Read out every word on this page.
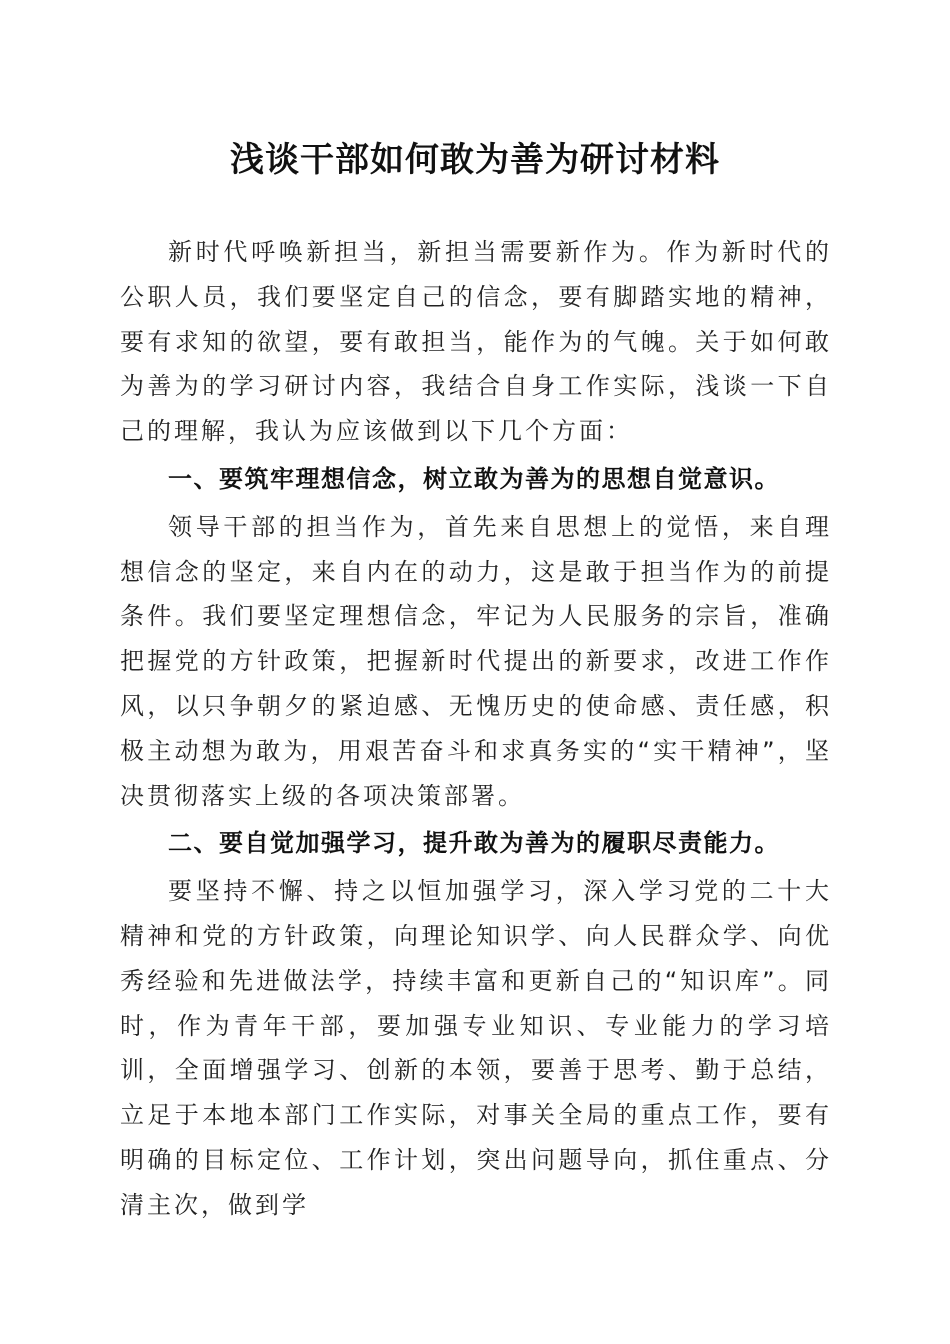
浅谈干部如何敢为善为研讨材料

新时代呼唤新担当，新担当需要新作为。作为新时代的公职人员，我们要坚定自己的信念，要有脚踏实地的精神，要有求知的欲望，要有敢担当，能作为的气魄。关于如何敢为善为的学习研讨内容，我结合自身工作实际，浅谈一下自己的理解，我认为应该做到以下几个方面：

一、要筑牢理想信念，树立敢为善为的思想自觉意识。

领导干部的担当作为，首先来自思想上的觉悟，来自理想信念的坚定，来自内在的动力，这是敢于担当作为的前提条件。我们要坚定理想信念，牢记为人民服务的宗旨，准确把握党的方针政策，把握新时代提出的新要求，改进工作作风，以只争朝夕的紧迫感、无愧历史的使命感、责任感，积极主动想为敢为，用艰苦奋斗和求真务实的“实干精神”，坚决贯彻落实上级的各项决策部署。

二、要自觉加强学习，提升敢为善为的履职尽责能力。

要坚持不懈、持之以恒加强学习，深入学习党的二十大精神和党的方针政策，向理论知识学、向人民群众学、向优秀经验和先进做法学，持续丰富和更新自己的“知识库”。同时，作为青年干部，要加强专业知识、专业能力的学习培训，全面增强学习、创新的本领，要善于思考、勤于总结，立足于本地本部门工作实际，对事关全局的重点工作，要有明确的目标定位、工作计划，突出问题导向，抓住重点、分清主次，做到学
